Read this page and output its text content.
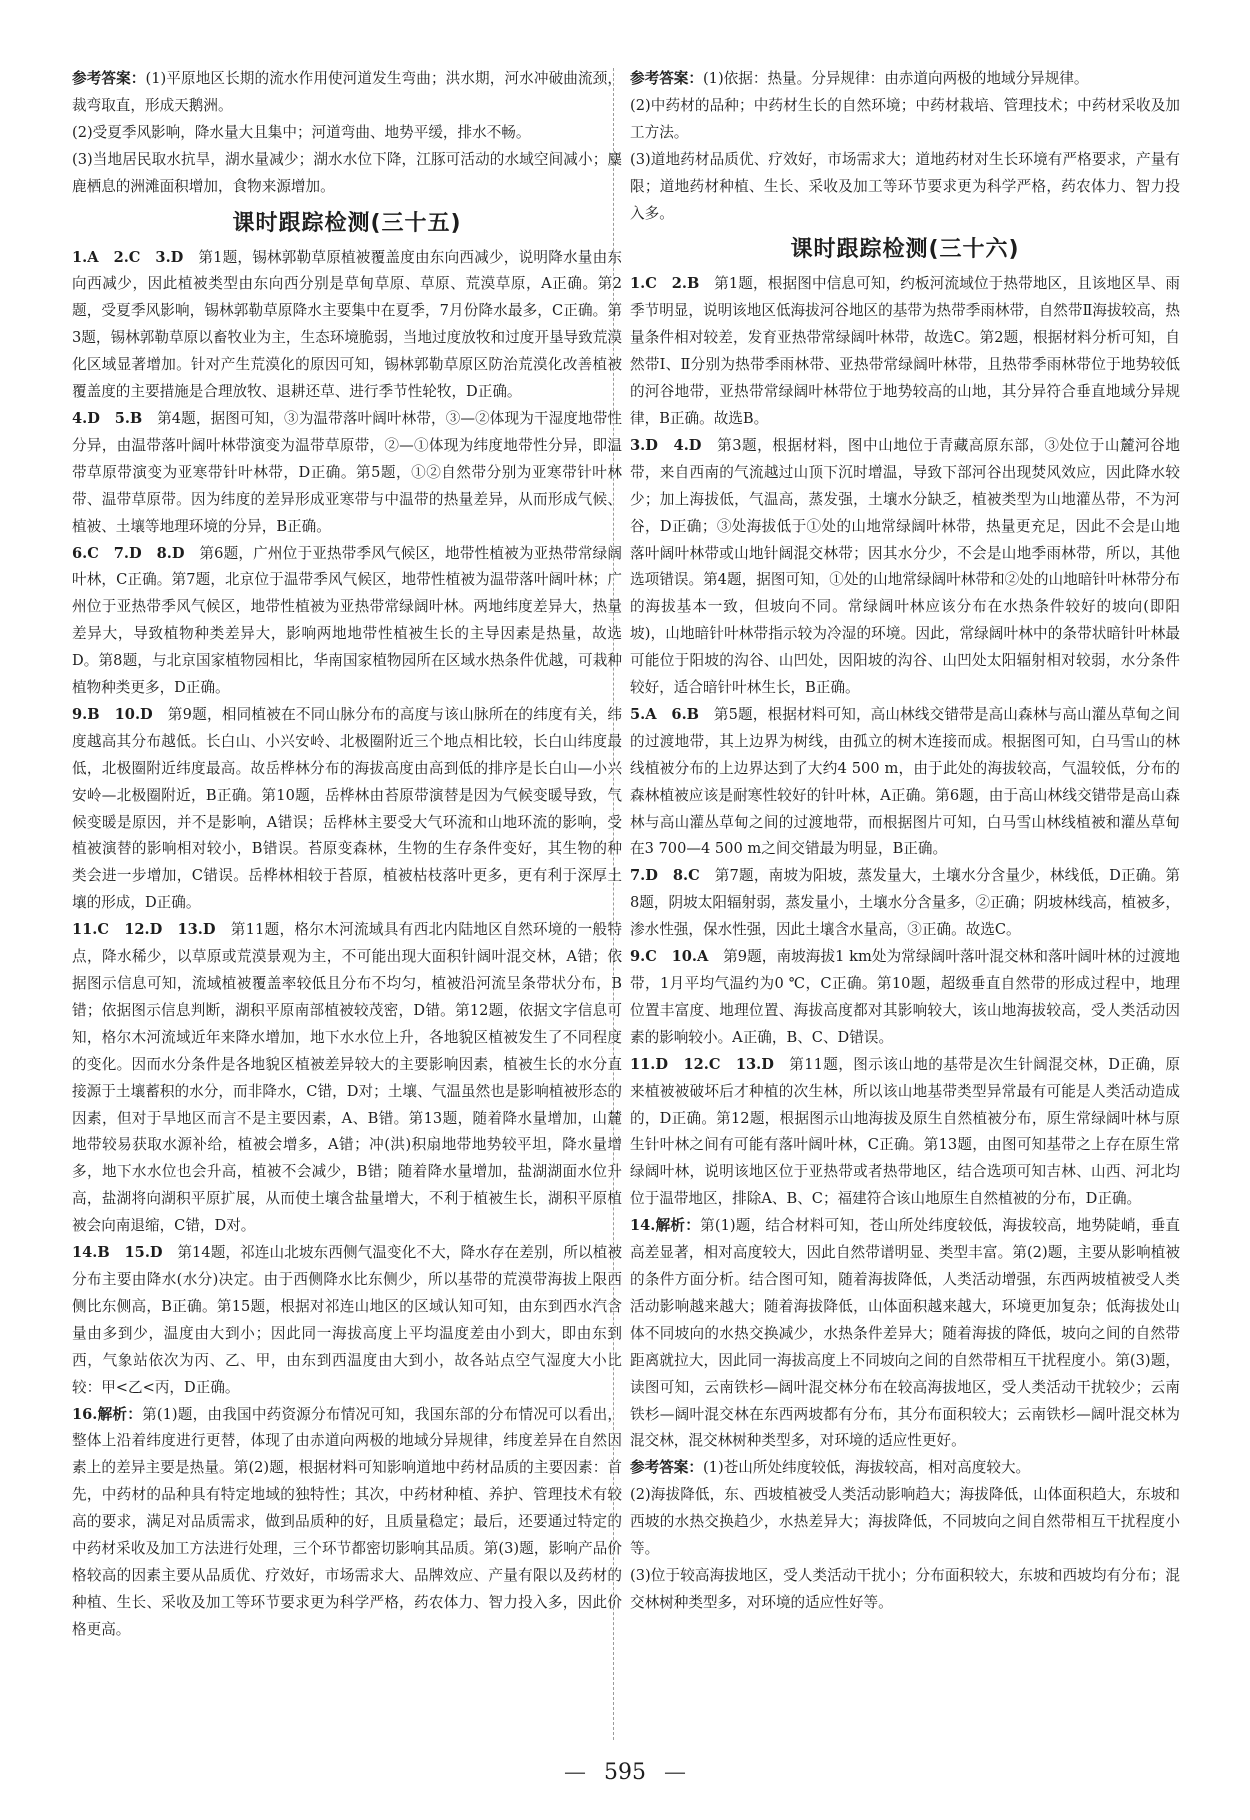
参考答案：(1)平原地区长期的流水作用使河道发生弯曲；洪水期，河水冲破曲流颈，裁弯取直，形成天鹅洲。

(2)受夏季风影响，降水量大且集中；河道弯曲、地势平缓，排水不畅。

(3)当地居民取水抗旱，湖水量减少；湖水水位下降，江豚可活动的水域空间减小；麋鹿栖息的洲滩面积增加，食物来源增加。

课时跟踪检测(三十五)

1.A　2.C　3.D　第1题，锡林郭勒草原植被覆盖度由东向西减少，说明降水量由东向西减少，因此植被类型由东向西分别是草甸草原、草原、荒漠草原，A正确。第2题，受夏季风影响，锡林郭勒草原降水主要集中在夏季，7月份降水最多，C正确。第3题，锡林郭勒草原以畜牧业为主，生态环境脆弱，当地过度放牧和过度开垦导致荒漠化区域显著增加。针对产生荒漠化的原因可知，锡林郭勒草原区防治荒漠化改善植被覆盖度的主要措施是合理放牧、退耕还草、进行季节性轮牧，D正确。

4.D　5.B　第4题，据图可知，③为温带落叶阔叶林带，③—②体现为干湿度地带性分异，由温带落叶阔叶林带演变为温带草原带，②—①体现为纬度地带性分异，即温带草原带演变为亚寒带针叶林带，D正确。第5题，①②自然带分别为亚寒带针叶林带、温带草原带。因为纬度的差异形成亚寒带与中温带的热量差异，从而形成气候、植被、土壤等地理环境的分异，B正确。

6.C　7.D　8.D　第6题，广州位于亚热带季风气候区，地带性植被为亚热带常绿阔叶林，C正确。第7题，北京位于温带季风气候区，地带性植被为温带落叶阔叶林；广州位于亚热带季风气候区，地带性植被为亚热带常绿阔叶林。两地纬度差异大，热量差异大，导致植物种类差异大，影响两地地带性植被生长的主导因素是热量，故选D。第8题，与北京国家植物园相比，华南国家植物园所在区域水热条件优越，可栽种植物种类更多，D正确。

9.B　10.D　第9题，相同植被在不同山脉分布的高度与该山脉所在的纬度有关，纬度越高其分布越低。长白山、小兴安岭、北极圈附近三个地点相比较，长白山纬度最低，北极圈附近纬度最高。故岳桦林分布的海拔高度由高到低的排序是长白山—小兴安岭—北极圈附近，B正确。第10题，岳桦林由苔原带演替是因为气候变暖导致，气候变暖是原因，并不是影响，A错误；岳桦林主要受大气环流和山地环流的影响，受植被演替的影响相对较小，B错误。苔原变森林，生物的生存条件变好，其生物的种类会进一步增加，C错误。岳桦林相较于苔原，植被枯枝落叶更多，更有利于深厚土壤的形成，D正确。

11.C　12.D　13.D　第11题，格尔木河流域具有西北内陆地区自然环境的一般特点，降水稀少，以草原或荒漠景观为主，不可能出现大面积针阔叶混交林，A错；依据图示信息可知，流域植被覆盖率较低且分布不均匀，植被沿河流呈条带状分布，B错；依据图示信息判断，湖积平原南部植被较茂密，D错。第12题，依据文字信息可知，格尔木河流域近年来降水增加，地下水水位上升，各地貌区植被发生了不同程度的变化。因而水分条件是各地貌区植被差异较大的主要影响因素，植被生长的水分直接源于土壤蓄积的水分，而非降水，C错，D对；土壤、气温虽然也是影响植被形态的因素，但对于旱地区而言不是主要因素，A、B错。第13题，随着降水量增加，山麓地带较易获取水源补给，植被会增多，A错；冲(洪)积扇地带地势较平坦，降水量增多，地下水水位也会升高，植被不会减少，B错；随着降水量增加，盐湖湖面水位升高，盐湖将向湖积平原扩展，从而使土壤含盐量增大，不利于植被生长，湖积平原植被会向南退缩，C错，D对。

14.B　15.D　第14题，祁连山北坡东西侧气温变化不大，降水存在差别，所以植被分布主要由降水(水分)决定。由于西侧降水比东侧少，所以基带的荒漠带海拔上限西侧比东侧高，B正确。第15题，根据对祁连山地区的区域认知可知，由东到西水汽含量由多到少，温度由大到小；因此同一海拔高度上平均温度差由小到大，即由东到西，气象站依次为丙、乙、甲，由东到西温度由大到小，故各站点空气湿度大小比较：甲<乙<丙，D正确。

16.解析：第(1)题，由我国中药资源分布情况可知，我国东部的分布情况可以看出，整体上沿着纬度进行更替，体现了由赤道向两极的地域分异规律，纬度差异在自然因素上的差异主要是热量。第(2)题，根据材料可知影响道地中药材品质的主要因素：首先，中药材的品种具有特定地域的独特性；其次，中药材种植、养护、管理技术有较高的要求，满足对品质需求，做到品质种的好，且质量稳定；最后，还要通过特定的中药材采收及加工方法进行处理，三个环节都密切影响其品质。第(3)题，影响产品价格较高的因素主要从品质优、疗效好，市场需求大、品牌效应、产量有限以及药材的种植、生长、采收及加工等环节要求更为科学严格，药农体力、智力投入多，因此价格更高。

参考答案：(1)依据：热量。分异规律：由赤道向两极的地域分异规律。

(2)中药材的品种；中药材生长的自然环境；中药材栽培、管理技术；中药材采收及加工方法。

(3)道地药材品质优、疗效好，市场需求大；道地药材对生长环境有严格要求，产量有限；道地药材种植、生长、采收及加工等环节要求更为科学严格，药农体力、智力投入多。

课时跟踪检测(三十六)

1.C　2.B　第1题，根据图中信息可知，约板河流域位于热带地区，且该地区旱、雨季节明显，说明该地区低海拔河谷地区的基带为热带季雨林带，自然带Ⅱ海拔较高，热量条件相对较差，发育亚热带常绿阔叶林带，故选C。第2题，根据材料分析可知，自然带Ⅰ、Ⅱ分别为热带季雨林带、亚热带常绿阔叶林带，且热带季雨林带位于地势较低的河谷地带，亚热带常绿阔叶林带位于地势较高的山地，其分异符合垂直地域分异规律，B正确。故选B。

3.D　4.D　第3题，根据材料，图中山地位于青藏高原东部，③处位于山麓河谷地带，来自西南的气流越过山顶下沉时增温，导致下部河谷出现焚风效应，因此降水较少；加上海拔低，气温高，蒸发强，土壤水分缺乏，植被类型为山地灌丛带，不为河谷，D正确；③处海拔低于①处的山地常绿阔叶林带，热量更充足，因此不会是山地落叶阔叶林带或山地针阔混交林带；因其水分少，不会是山地季雨林带，所以，其他选项错误。第4题，据图可知，①处的山地常绿阔叶林带和②处的山地暗针叶林带分布的海拔基本一致，但坡向不同。常绿阔叶林应该分布在水热条件较好的坡向(即阳坡)，山地暗针叶林带指示较为冷湿的环境。因此，常绿阔叶林中的条带状暗针叶林最可能位于阳坡的沟谷、山凹处，因阳坡的沟谷、山凹处太阳辐射相对较弱，水分条件较好，适合暗针叶林生长，B正确。

5.A　6.B　第5题，根据材料可知，高山林线交错带是高山森林与高山灌丛草甸之间的过渡地带，其上边界为树线，由孤立的树木连接而成。根据图可知，白马雪山的林线植被分布的上边界达到了大约4 500 m，由于此处的海拔较高，气温较低，分布的森林植被应该是耐寒性较好的针叶林，A正确。第6题，由于高山林线交错带是高山森林与高山灌丛草甸之间的过渡地带，而根据图片可知，白马雪山林线植被和灌丛草甸在3 700—4 500 m之间交错最为明显，B正确。

7.D　8.C　第7题，南坡为阳坡，蒸发量大，土壤水分含量少，林线低，D正确。第8题，阴坡太阳辐射弱，蒸发量小，土壤水分含量多，②正确；阴坡林线高，植被多，渗水性强，保水性强，因此土壤含水量高，③正确。故选C。

9.C　10.A　第9题，南坡海拔1 km处为常绿阔叶落叶混交林和落叶阔叶林的过渡地带，1月平均气温约为0 ℃，C正确。第10题，超级垂直自然带的形成过程中，地理位置丰富度、地理位置、海拔高度都对其影响较大，该山地海拔较高，受人类活动因素的影响较小。A正确，B、C、D错误。

11.D　12.C　13.D　第11题，图示该山地的基带是次生针阔混交林，D正确，原来植被被破坏后才种植的次生林，所以该山地基带类型异常最有可能是人类活动造成的，D正确。第12题，根据图示山地海拔及原生自然植被分布，原生常绿阔叶林与原生针叶林之间有可能有落叶阔叶林，C正确。第13题，由图可知基带之上存在原生常绿阔叶林，说明该地区位于亚热带或者热带地区，结合选项可知吉林、山西、河北均位于温带地区，排除A、B、C；福建符合该山地原生自然植被的分布，D正确。

14.解析：第(1)题，结合材料可知，苍山所处纬度较低，海拔较高，地势陡峭，垂直高差显著，相对高度较大，因此自然带谱明显、类型丰富。第(2)题，主要从影响植被的条件方面分析。结合图可知，随着海拔降低，人类活动增强，东西两坡植被受人类活动影响越来越大；随着海拔降低，山体面积越来越大，环境更加复杂；低海拔处山体不同坡向的水热交换减少，水热条件差异大；随着海拔的降低，坡向之间的自然带距离就拉大，因此同一海拔高度上不同坡向之间的自然带相互干扰程度小。第(3)题，读图可知，云南铁杉—阔叶混交林分布在较高海拔地区，受人类活动干扰较少；云南铁杉—阔叶混交林在东西两坡都有分布，其分布面积较大；云南铁杉—阔叶混交林为混交林，混交林树种类型多，对环境的适应性更好。

参考答案：(1)苍山所处纬度较低，海拔较高，相对高度较大。

(2)海拔降低，东、西坡植被受人类活动影响趋大；海拔降低，山体面积趋大，东坡和西坡的水热交换趋少，水热差异大；海拔降低，不同坡向之间自然带相互干扰程度小等。

(3)位于较高海拔地区，受人类活动干扰小；分布面积较大，东坡和西坡均有分布；混交林树种类型多，对环境的适应性好等。

— 595 —
